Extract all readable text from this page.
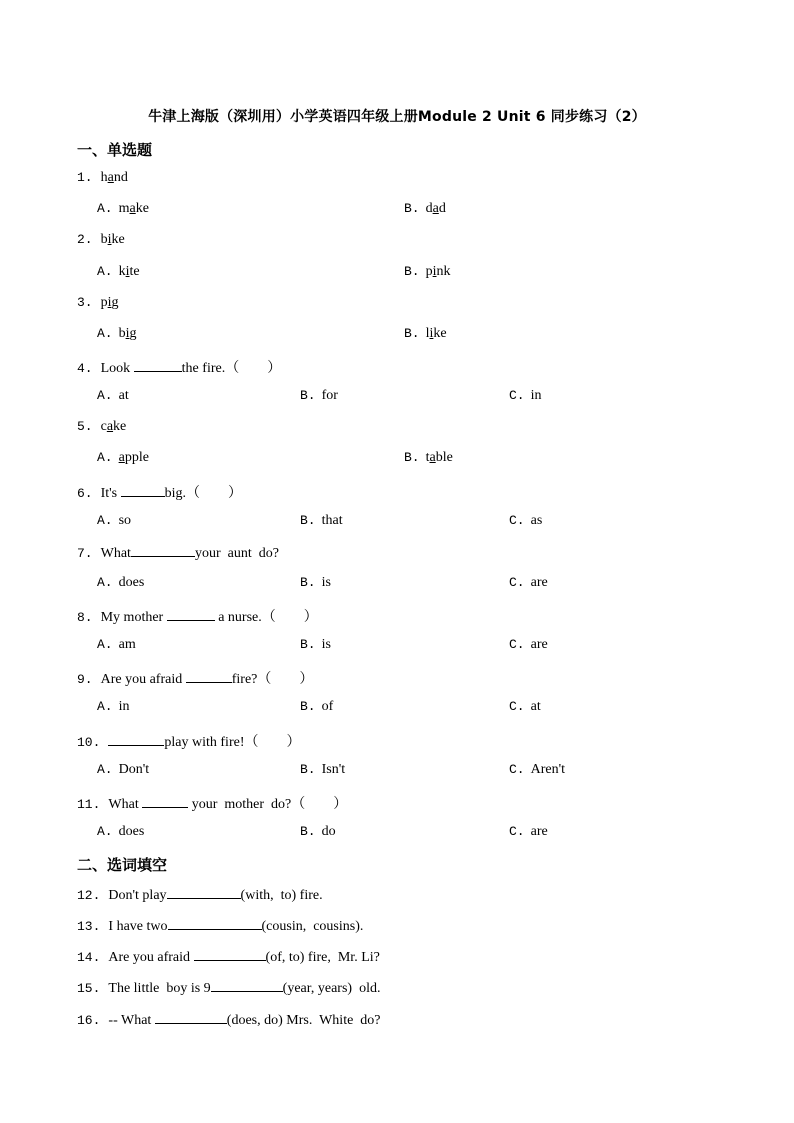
牛津上海版（深圳用）小学英语四年级上册Module 2 Unit 6 同步练习（2）
一、单选题
1. hand
A. make	B. dad
2. bike
A. kite	B. pink
3. pig
A. big	B. like
4. Look	the fire.（　　）
A. at	B. for	C. in
5. cake
A. apple	B. table
6. It's	big.（　　）
A. so	B. that	C. as
7. What	your  aunt  do?
A. does	B. is	C. are
8. My mother	a nurse.（　　）
A. am	B. is	C. are
9. Are you afraid	fire?（　　）
A. in	B. of	C. at
10.	play with fire!（　　）
A. Don't	B. Isn't	C. Aren't
11. What	your  mother  do?（　　）
A. does	B. do	C. are
二、选词填空
12. Don't play	(with,  to) fire.
13. I have two	(cousin,  cousins).
14. Are you afraid	(of, to) fire,  Mr. Li?
15. The little  boy is 9	(year, years)  old.
16. -- What	(does, do) Mrs.  White  do?
